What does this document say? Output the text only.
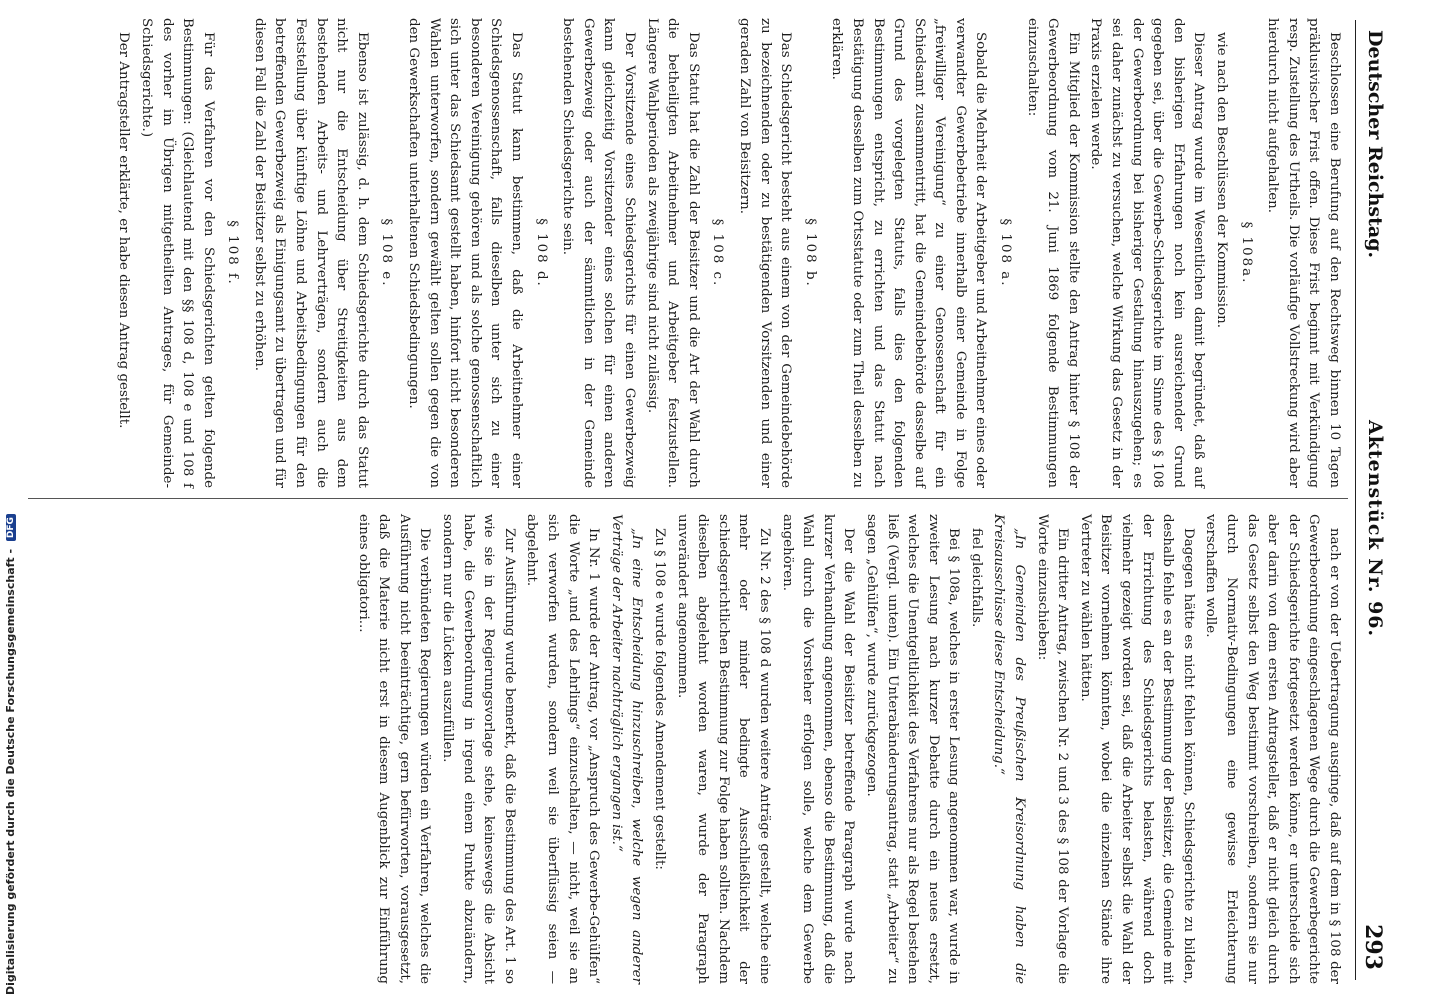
Deutscher Reichstag.
Aktenstück Nr. 96.
293

Beschlossen eine Berufung auf den Rechtsweg binnen 10 Tagen präklusivischer Frist offen. Diese Frist beginnt mit Verkündigung resp. Zustellung des Urtheils. Die vorläufige Vollstreckung wird aber hierdurch nicht aufgehalten.

§ 108a.

wie nach den Beschlüssen der Kommission.

Dieser Antrag wurde im Wesentlichen damit begründet, daß auf den bisherigen Erfahrungen noch kein ausreichender Grund gegeben sei, über die Gewerbe-Schiedsgerichte im Sinne des § 108 der Gewerbeordnung bei bisheriger Gestaltung hinauszugehen; es sei daher zunächst zu versuchen, welche Wirkung das Gesetz in der Praxis erzielen werde.

Ein Mitglied der Kommission stellte den Antrag hinter § 108 der Gewerbeordnung vom 21. Juni 1869 folgende Bestimmungen einzuschalten:

§ 108 a.

Sobald die Mehrheit der Arbeitgeber und Arbeitnehmer eines oder verwandter Gewerbebetriebe innerhalb einer Gemeinde in Folge „freiwilliger Vereinigung“ zu einer Genossenschaft für ein Schiedsamt zusammentritt, hat die Gemeindebehörde dasselbe auf Grund des vorgelegten Statuts, falls dies den folgenden Bestimmungen entspricht, zu errichten und das Statut nach Bestätigung desselben zum Ortsstatute oder zum Theil desselben zu erklären.

§ 108 b.

Das Schiedsgericht besteht aus einem von der Gemeindebehörde zu bezeichnenden oder zu bestätigenden Vorsitzenden und einer geraden Zahl von Beisitzern.

§ 108 c.

Das Statut hat die Zahl der Beisitzer und die Art der Wahl durch die betheiligten Arbeitnehmer und Arbeitgeber festzustellen. Längere Wahlperioden als zweijährige sind nicht zulässig.

Der Vorsitzende eines Schiedsgerichts für einen Gewerbezweig kann gleichzeitig Vorsitzender eines solchen für einen anderen Gewerbezweig oder auch der sämmtlichen in der Gemeinde bestehenden Schiedsgerichte sein.

§ 108 d.

Das Statut kann bestimmen, daß die Arbeitnehmer einer Schiedsgenossenschaft, falls dieselben unter sich zu einer besonderen Vereinigung gehören und als solche genossenschaftlich sich unter das Schiedsamt gestellt haben, hinfort nicht besonderen Wahlen unterworfen, sondern gewählt gelten sollen gegen die von den Gewerkschaften unterhaltenen Schiedsbedingungen.

§ 108 e.

Ebenso ist zulässig, d. h. dem Schiedsgerichte durch das Statut nicht nur die Entscheidung über Streitigkeiten aus dem bestehenden Arbeits- und Lehrverträgen, sondern auch die Feststellung über künftige Löhne und Arbeitsbedingungen für den betreffenden Gewerbezweig als Einigungsamt zu übertragen und für diesen Fall die Zahl der Beisitzer selbst zu erhöhen.

§ 108 f.

Für das Verfahren vor den Schiedsgerichten gelten folgende Bestimmungen: (Gleichlautend mit den §§ 108 d, 108 e und 108 f des vorher im Übrigen mitgetheilten Antrages, für Gemeinde-Schiedsgerichte.)

Der Antragsteller erklärte, er habe diesen Antrag gestellt.

nach er von der Uebertragung ausginge, daß auf dem in § 108 der Gewerbeordnung eingeschlagenen Wege durch die Gewerbegerichte der Schiedsgerichte fortgesetzt werden könne, er unterscheide sich aber darin von dem ersten Antragsteller, daß er nicht gleich durch das Gesetz selbst den Weg bestimmt vorschreiben, sondern sie nur durch Normativ-Bedingungen eine gewisse Erleichterung verschaffen wolle.

Dagegen hätte es nicht fehlen können, Schiedsgerichte zu bilden, deshalb fehle es an der Bestimmung der Beisitzer, die Gemeinde mit der Errichtung des Schiedsgerichts belasten, während doch vielmehr gezeigt worden sei, daß die Arbeiter selbst die Wahl der Beisitzer vornehmen könnten, wobei die einzelnen Stände ihre Vertreter zu wählen hätten.

Ein dritter Antrag, zwischen Nr. 2 und 3 des § 108 der Vorlage die Worte einzuschieben:

„In Gemeinden des Preußischen Kreisordnung haben die Kreisausschüsse diese Entscheidung.“

fiel gleichfalls.

Bei § 108a, welches in erster Lesung angenommen war, wurde in zweiter Lesung nach kurzer Debatte durch ein neues ersetzt, welches die Unentgeltlichkeit des Verfahrens nur als Regel bestehen ließ (Vergl. unten). Ein Unterabänderungsantrag, statt „Arbeiter“ zu sagen „Gehülfen“, wurde zurückgezogen.

Der die Wahl der Beisitzer betreffende Paragraph wurde nach kurzer Verhandlung angenommen, ebenso die Bestimmung, daß die Wahl durch die Vorsteher erfolgen solle, welche dem Gewerbe angehören.

Zu Nr. 2 des § 108 d wurden weitere Anträge gestellt, welche eine mehr oder minder bedingte Ausschließlichkeit der schiedsgerichtlichen Bestimmung zur Folge haben sollten. Nachdem dieselben abgelehnt worden waren, wurde der Paragraph unverändert angenommen.

Zu § 108 e wurde folgendes Amendement gestellt:

„In eine Entscheidung hinzuschreiben, welche wegen anderer Verträge der Arbeiter nachträglich ergangen ist.“

In Nr. 1 wurde der Antrag, vor „Anspruch des Gewerbe-Gehülfen“ die Worte „und des Lehrlings“ einzuschalten, — nicht, weil sie an sich verworfen wurden, sondern weil sie überflüssig seien — abgelehnt.

Zur Ausführung wurde bemerkt, daß die Bestimmung des Art. 1 so wie sie in der Regierungsvorlage stehe, keineswegs die Absicht habe, die Gewerbeordnung in irgend einem Punkte abzuändern, sondern nur die Lücken auszufüllen.

Die verbündeten Regierungen würden ein Verfahren, welches die Ausführung nicht beeinträchtige, gern befürworten, vorausgesetzt, daß die Materie nicht erst in diesem Augenblick zur Einführung eines obligatori...

Digitalisierung gefördert durch die Deutsche Forschungsgemeinschaft - DFG
